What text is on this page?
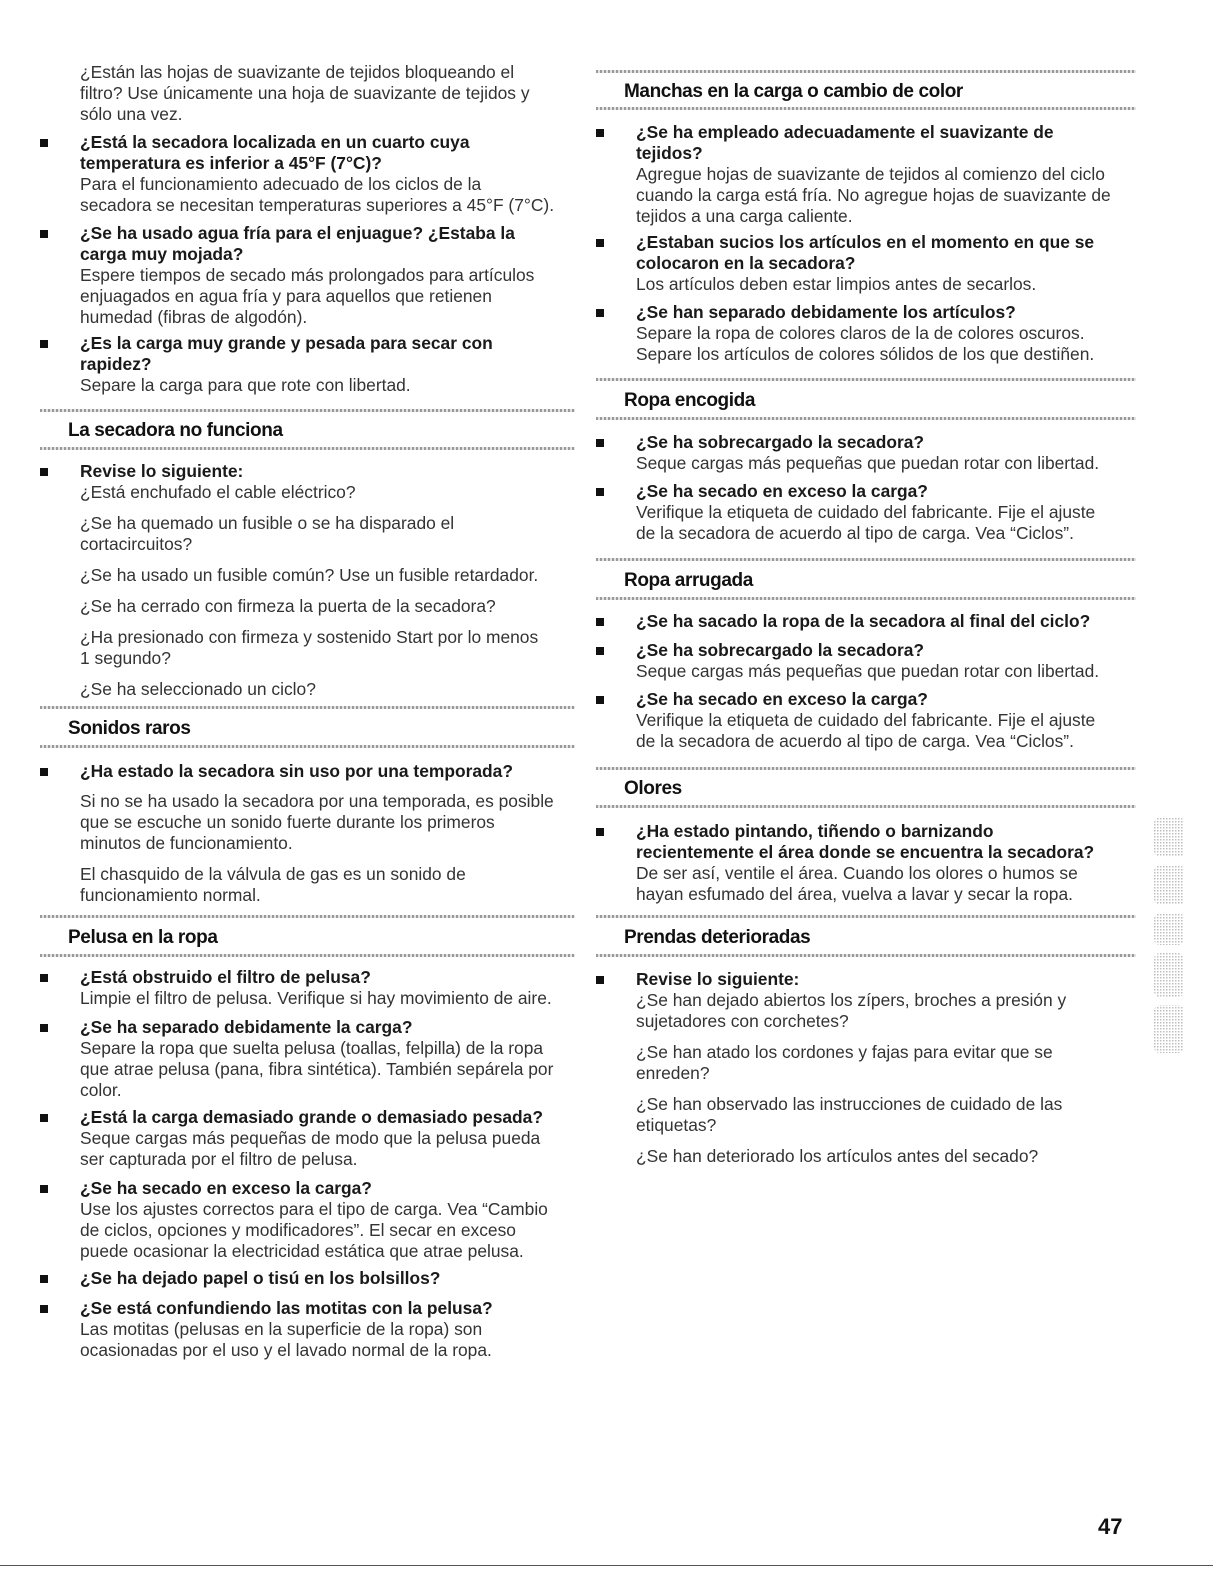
¿Están las hojas de suavizante de tejidos bloqueando el
filtro? Use únicamente una hoja de suavizante de tejidos y
sólo una vez.
¿Está la secadora localizada en un cuarto cuya
temperatura es inferior a 45°F (7°C)?
Para el funcionamiento adecuado de los ciclos de la
secadora se necesitan temperaturas superiores a 45°F (7°C).
¿Se ha usado agua fría para el enjuague? ¿Estaba la
carga muy mojada?
Espere tiempos de secado más prolongados para artículos
enjuagados en agua fría y para aquellos que retienen
humedad (fibras de algodón).
¿Es la carga muy grande y pesada para secar con
rapidez?
Separe la carga para que rote con libertad.
La secadora no funciona
Revise lo siguiente:
¿Está enchufado el cable eléctrico?
¿Se ha quemado un fusible o se ha disparado el
cortacircuitos?
¿Se ha usado un fusible común? Use un fusible retardador.
¿Se ha cerrado con firmeza la puerta de la secadora?
¿Ha presionado con firmeza y sostenido Start por lo menos
1 segundo?
¿Se ha seleccionado un ciclo?
Sonidos raros
¿Ha estado la secadora sin uso por una temporada?
Si no se ha usado la secadora por una temporada, es posible
que se escuche un sonido fuerte durante los primeros
minutos de funcionamiento.
El chasquido de la válvula de gas es un sonido de
funcionamiento normal.
Pelusa en la ropa
¿Está obstruido el filtro de pelusa?
Limpie el filtro de pelusa. Verifique si hay movimiento de aire.
¿Se ha separado debidamente la carga?
Separe la ropa que suelta pelusa (toallas, felpilla) de la ropa
que atrae pelusa (pana, fibra sintética). También sepárela por
color.
¿Está la carga demasiado grande o demasiado pesada?
Seque cargas más pequeñas de modo que la pelusa pueda
ser capturada por el filtro de pelusa.
¿Se ha secado en exceso la carga?
Use los ajustes correctos para el tipo de carga. Vea “Cambio
de ciclos, opciones y modificadores”. El secar en exceso
puede ocasionar la electricidad estática que atrae pelusa.
¿Se ha dejado papel o tisú en los bolsillos?
¿Se está confundiendo las motitas con la pelusa?
Las motitas (pelusas en la superficie de la ropa) son
ocasionadas por el uso y el lavado normal de la ropa.
Manchas en la carga o cambio de color
¿Se ha empleado adecuadamente el suavizante de
tejidos?
Agregue hojas de suavizante de tejidos al comienzo del ciclo
cuando la carga está fría. No agregue hojas de suavizante de
tejidos a una carga caliente.
¿Estaban sucios los artículos en el momento en que se
colocaron en la secadora?
Los artículos deben estar limpios antes de secarlos.
¿Se han separado debidamente los artículos?
Separe la ropa de colores claros de la de colores oscuros.
Separe los artículos de colores sólidos de los que destiñen.
Ropa encogida
¿Se ha sobrecargado la secadora?
Seque cargas más pequeñas que puedan rotar con libertad.
¿Se ha secado en exceso la carga?
Verifique la etiqueta de cuidado del fabricante. Fije el ajuste
de la secadora de acuerdo al tipo de carga. Vea “Ciclos”.
Ropa arrugada
¿Se ha sacado la ropa de la secadora al final del ciclo?
¿Se ha sobrecargado la secadora?
Seque cargas más pequeñas que puedan rotar con libertad.
¿Se ha secado en exceso la carga?
Verifique la etiqueta de cuidado del fabricante. Fije el ajuste
de la secadora de acuerdo al tipo de carga. Vea “Ciclos”.
Olores
¿Ha estado pintando, tiñendo o barnizando
recientemente el área donde se encuentra la secadora?
De ser así, ventile el área. Cuando los olores o humos se
hayan esfumado del área, vuelva a lavar y secar la ropa.
Prendas deterioradas
Revise lo siguiente:
¿Se han dejado abiertos los zípers, broches a presión y
sujetadores con corchetes?
¿Se han atado los cordones y fajas para evitar que se
enreden?
¿Se han observado las instrucciones de cuidado de las
etiquetas?
¿Se han deteriorado los artículos antes del secado?
47
